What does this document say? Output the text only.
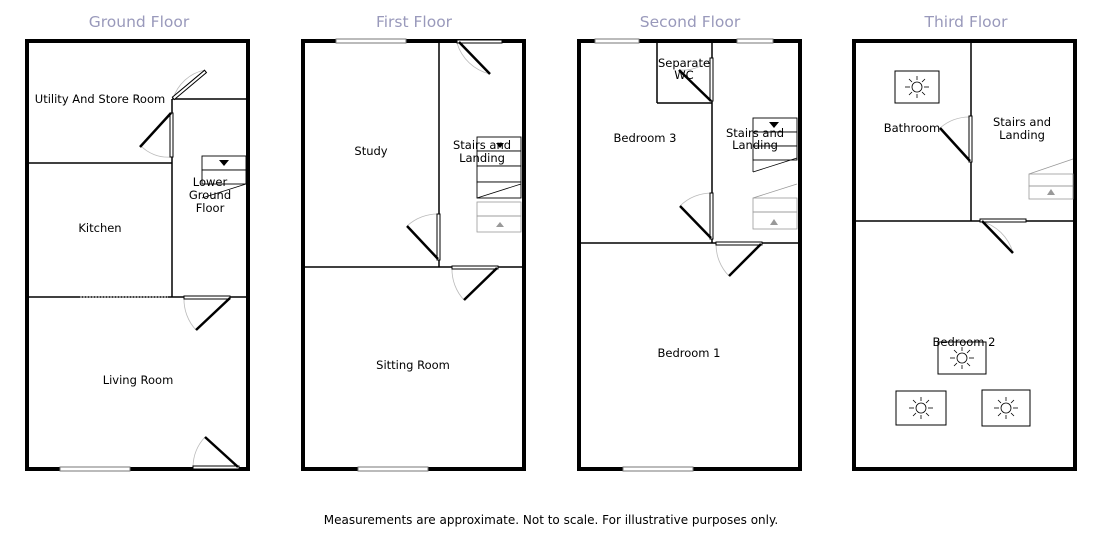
Ground Floor
Utility And Store Room
Lower
Ground
Floor
Kitchen
Living Room
First Floor
Study	Stairs and
Landing
Sitting Room
Second Floor
Separate
WC
Bedroom 3	Stairs and
Landing
Bedroom 1
Third Floor
Bathroom	Stairs and
Landing
Bedroom 2
Measurements are approximate. Not to scale. For illustrative purposes only.
